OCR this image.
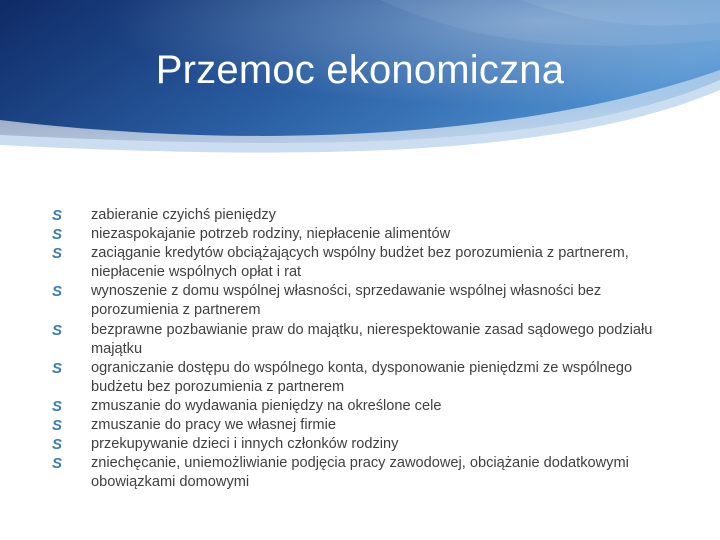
Przemoc ekonomiczna
S zabieranie czyichś pieniędzy
S niezaspokajanie potrzeb rodziny, niepłacenie alimentów
S zaciąganie kredytów obciążających wspólny budżet bez porozumienia z partnerem, niepłacenie wspólnych opłat i rat
S wynoszenie z domu wspólnej własności, sprzedawanie wspólnej własności bez porozumienia z partnerem
S bezprawne pozbawianie praw do majątku, nierespektowanie zasad sądowego podziału majątku
S ograniczanie dostępu do wspólnego konta, dysponowanie pieniędzmi ze wspólnego budżetu bez porozumienia z partnerem
S zmuszanie do wydawania pieniędzy na określone cele
S zmuszanie do pracy we własnej firmie
S przekupywanie dzieci i innych członków rodziny
S zniechęcanie, uniemożliwianie podjęcia pracy zawodowej, obciążanie dodatkowymi obowiązkami domowymi
